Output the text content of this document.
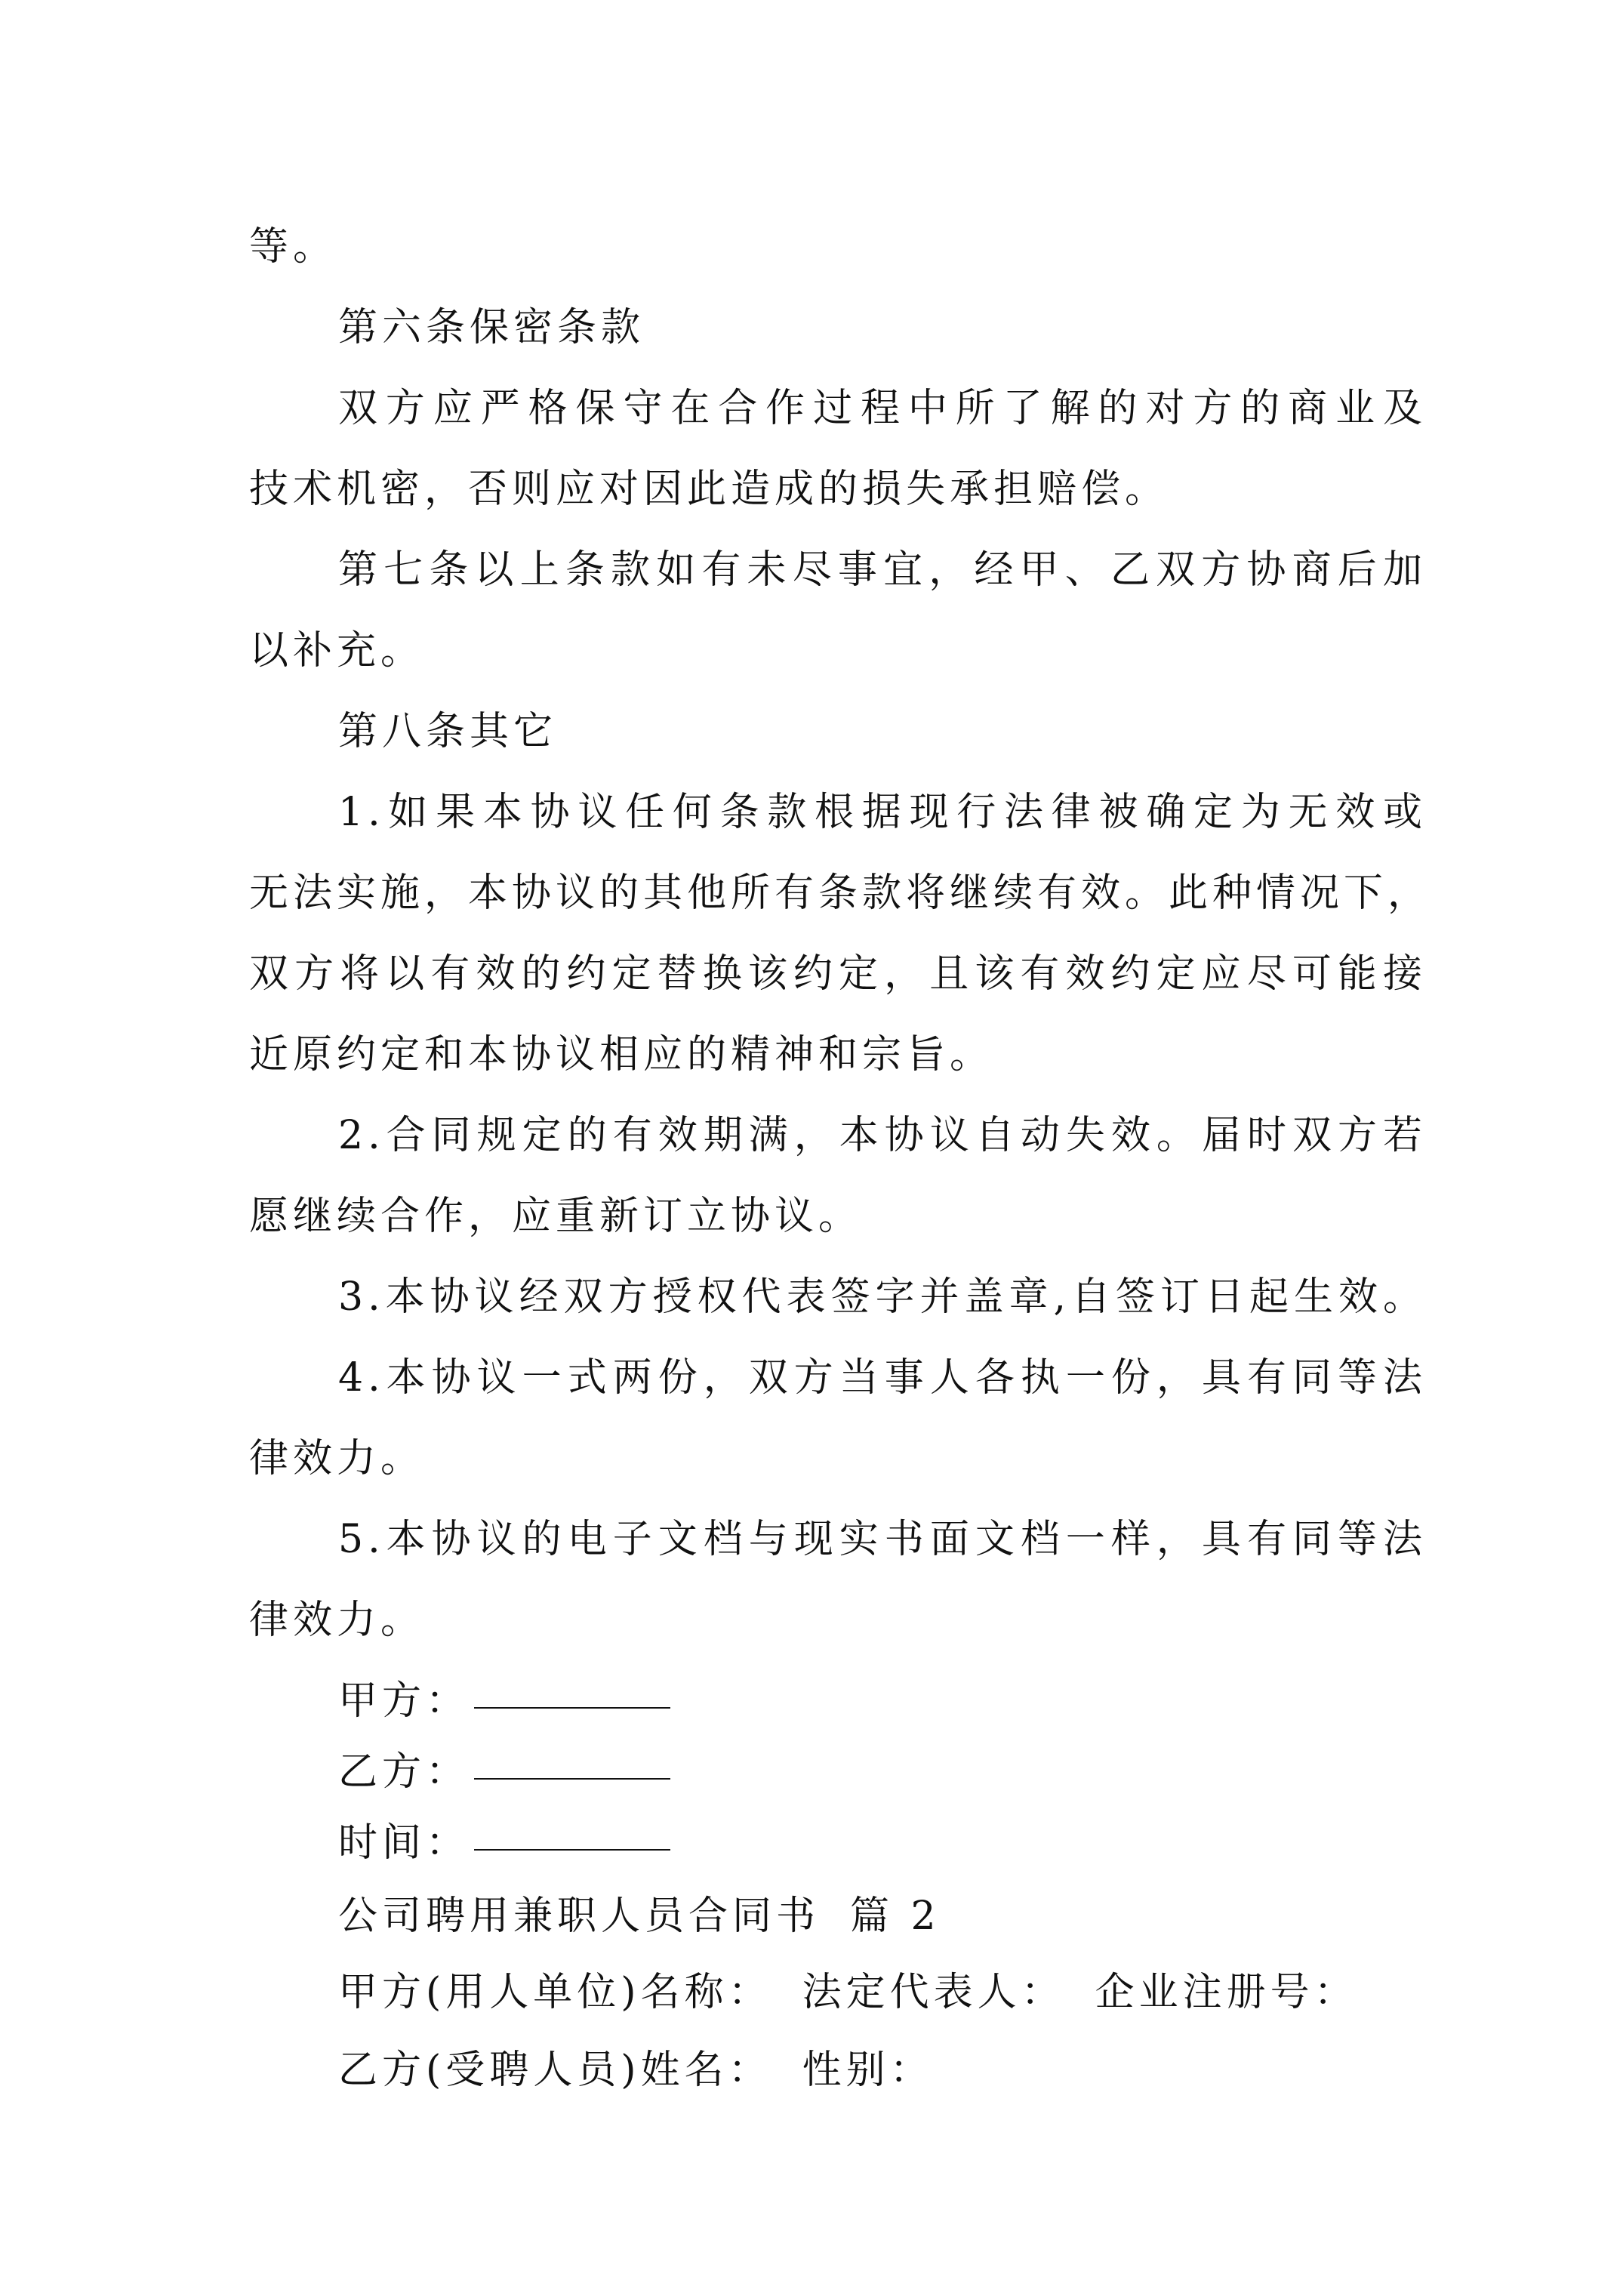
等。
第六条保密条款
双方应严格保守在合作过程中所了解的对方的商业及
技术机密，否则应对因此造成的损失承担赔偿。
第七条以上条款如有未尽事宜，经甲、乙双方协商后加
以补充。
第八条其它
1.如果本协议任何条款根据现行法律被确定为无效或
无法实施，本协议的其他所有条款将继续有效。此种情况下，
双方将以有效的约定替换该约定，且该有效约定应尽可能接
近原约定和本协议相应的精神和宗旨。
2.合同规定的有效期满，本协议自动失效。届时双方若
愿继续合作，应重新订立协议。
3.本协议经双方授权代表签字并盖章,自签订日起生效。
4.本协议一式两份，双方当事人各执一份，具有同等法
律效力。
5.本协议的电子文档与现实书面文档一样，具有同等法
律效力。
甲方：
乙方：
时间：
公司聘用兼职人员合同书 篇 2
甲方(用人单位)名称： 法定代表人： 企业注册号：
乙方(受聘人员)姓名： 性别：
